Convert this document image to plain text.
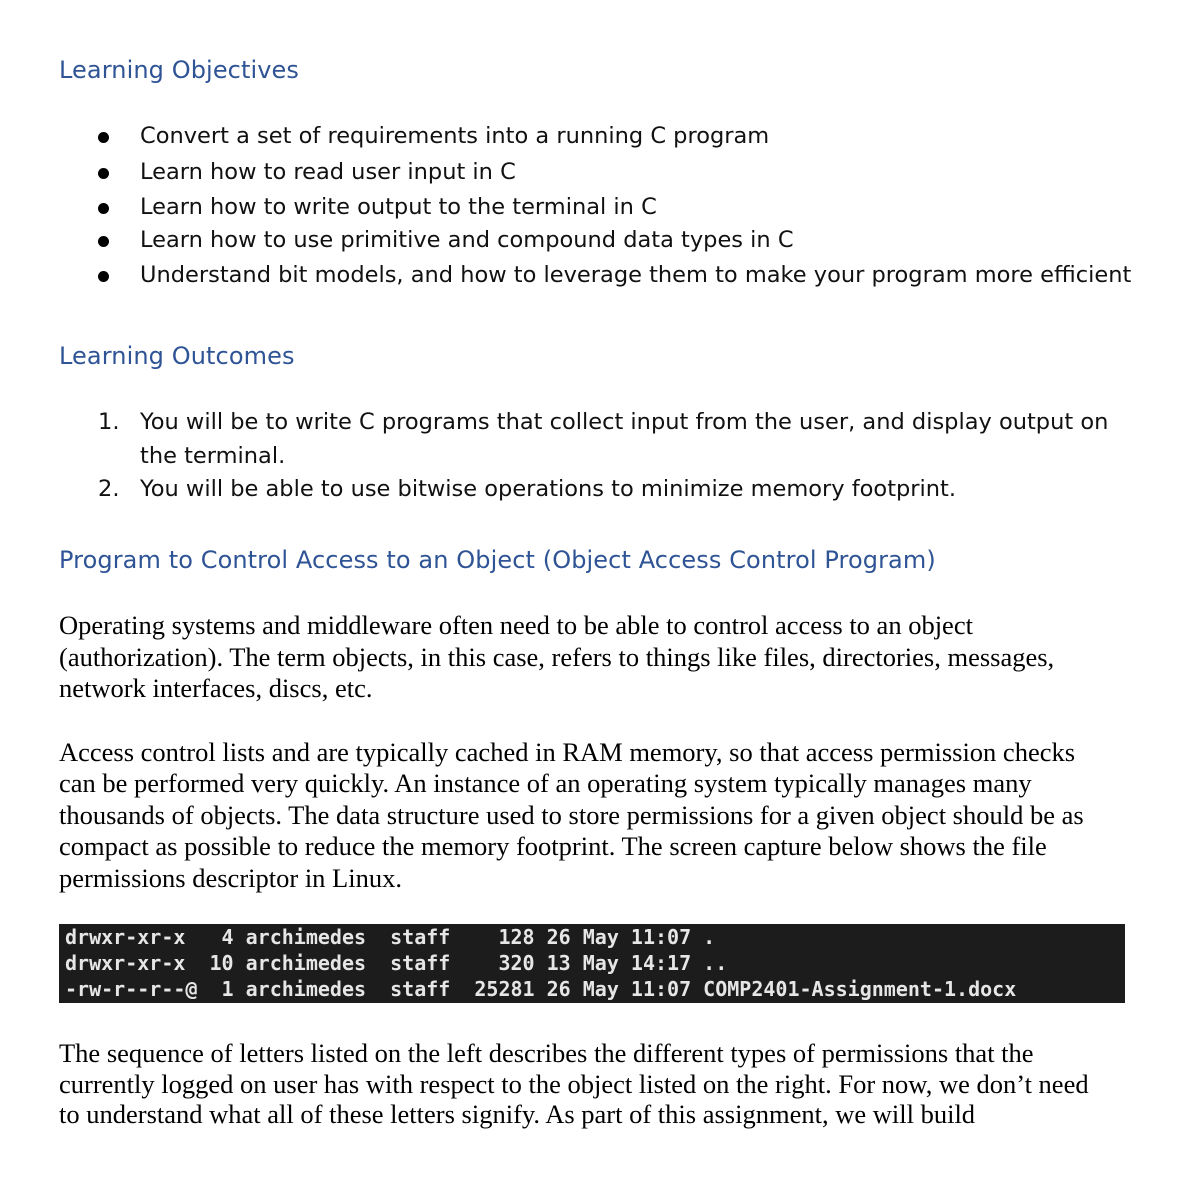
Learning Objectives
Convert a set of requirements into a running C program
Learn how to read user input in C
Learn how to write output to the terminal in C
Learn how to use primitive and compound data types in C
Understand bit models, and how to leverage them to make your program more efficient
Learning Outcomes
1. You will be to write C programs that collect input from the user, and display output on
the terminal.
2. You will be able to use bitwise operations to minimize memory footprint.
Program to Control Access to an Object (Object Access Control Program)
Operating systems and middleware often need to be able to control access to an object
(authorization). The term objects, in this case, refers to things like files, directories, messages,
network interfaces, discs, etc.
Access control lists and are typically cached in RAM memory, so that access permission checks
can be performed very quickly. An instance of an operating system typically manages many
thousands of objects. The data structure used to store permissions for a given object should be as
compact as possible to reduce the memory footprint. The screen capture below shows the file
permissions descriptor in Linux.
drwxr-xr-x   4 archimedes  staff    128 26 May 11:07 .
drwxr-xr-x  10 archimedes  staff    320 13 May 14:17 ..
-rw-r--r--@  1 archimedes  staff  25281 26 May 11:07 COMP2401-Assignment-1.docx
The sequence of letters listed on the left describes the different types of permissions that the
currently logged on user has with respect to the object listed on the right. For now, we don’t need
to understand what all of these letters signify. As part of this assignment, we will build
